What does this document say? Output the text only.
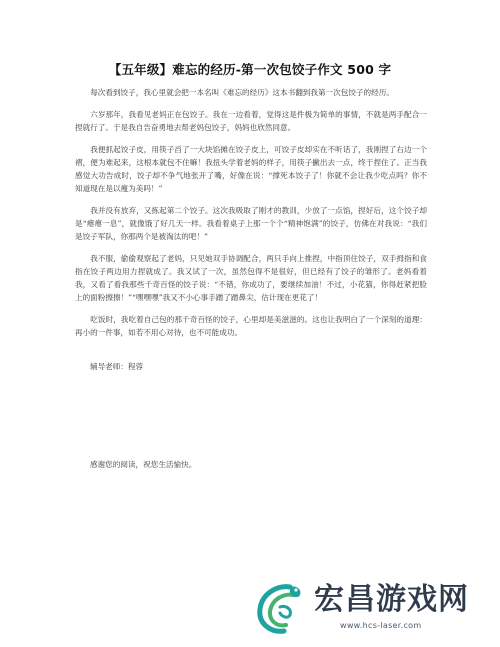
【五年级】难忘的经历-第一次包饺子作文 500 字

每次看到饺子，我心里就会把一本名叫《难忘的经历》这本书翻到我第一次包饺子的经历。

六岁那年，我看见老妈正在包饺子。我在一边看着，觉得这是件极为简单的事情，不就是两手配合一捏就行了。于是我自告奋勇地去帮老妈包饺子，妈妈也欣然同意。

我便抓起饺子皮，用筷子舀了一大块馅摊在饺子皮上，可饺子皮却实在不听话了，我刚捏了右边一个褶，便为难起来，这根本就包不住嘛！我扭头学着老妈的样子，用筷子撇出去一点，终于捏住了。正当我感觉大功告成时，饺子却不争气地张开了嘴，好像在说：“撑死本饺子了！你就不会让我少吃点吗？你不知道现在是以瘦为美吗！”

我并没有放弃，又拣起第二个饺子。这次我吸取了刚才的教训，少放了一点馅，捏好后，这个饺子却是“瘪瘪一息”，就像饿了好几天一样。我看着桌子上那一个个“精神饱满”的饺子，仿佛在对我说：“我们是饺子军队，你那两个是被淘汰的吧！”

我不服，偷偷观察起了老妈，只见她双手协调配合，两只手向上推捏，中指顶住饺子，双手拇指和食指在饺子两边用力捏就成了。我又试了一次，虽然包得不是很好，但已经有了饺子的雏形了。老妈看着我，又看了看我那些千奇百怪的饺子说：“不错，你成功了，要继续加油！不过，小花猫，你得赶紧把脸上的面粉擦擦！”“嘿嘿嘿”我又不小心事手蹭了蹭鼻尖，估计现在更花了！

吃饭时，我吃着自己包的那千奇百怪的饺子，心里却是美滋滋的。这也让我明白了一个深刻的道理：再小的一件事，如若不用心对待，也不可能成功。

辅导老师：程蓉
感谢您的阅读，祝您生活愉快。
宏昌游戏网
www.hcs-laser.com
